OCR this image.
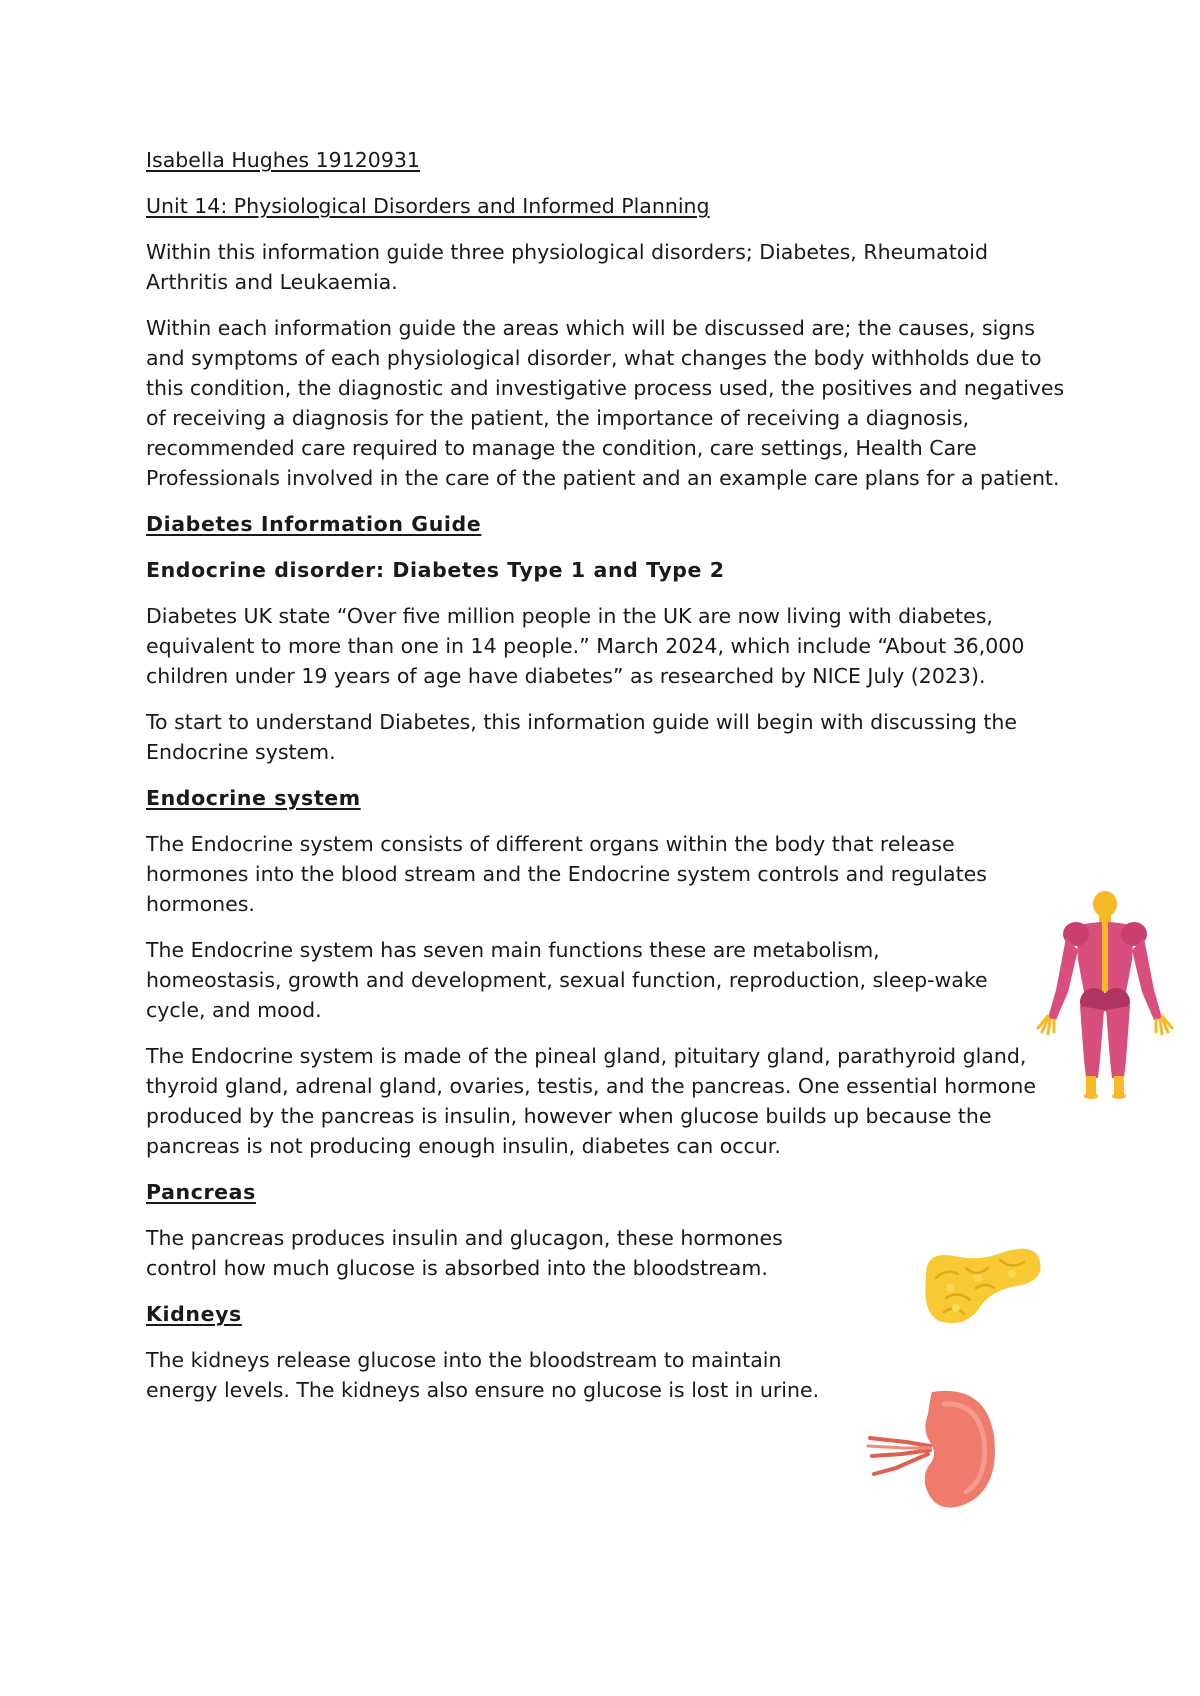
Isabella Hughes 19120931

Unit 14: Physiological Disorders and Informed Planning

Within this information guide three physiological disorders; Diabetes, Rheumatoid Arthritis and Leukaemia.

Within each information guide the areas which will be discussed are; the causes, signs and symptoms of each physiological disorder, what changes the body withholds due to this condition, the diagnostic and investigative process used, the positives and negatives of receiving a diagnosis for the patient, the importance of receiving a diagnosis, recommended care required to manage the condition, care settings, Health Care Professionals involved in the care of the patient and an example care plans for a patient.

Diabetes Information Guide

Endocrine disorder: Diabetes Type 1 and Type 2

Diabetes UK state “Over five million people in the UK are now living with diabetes, equivalent to more than one in 14 people.” March 2024, which include “About 36,000 children under 19 years of age have diabetes” as researched by NICE July (2023).

To start to understand Diabetes, this information guide will begin with discussing the Endocrine system.

Endocrine system

The Endocrine system consists of different organs within the body that release hormones into the blood stream and the Endocrine system controls and regulates hormones.

The Endocrine system has seven main functions these are metabolism, homeostasis, growth and development, sexual function, reproduction, sleep-wake cycle, and mood.

The Endocrine system is made of the pineal gland, pituitary gland, parathyroid gland, thyroid gland, adrenal gland, ovaries, testis, and the pancreas. One essential hormone produced by the pancreas is insulin, however when glucose builds up because the pancreas is not producing enough insulin, diabetes can occur.

Pancreas

The pancreas produces insulin and glucagon, these hormones control how much glucose is absorbed into the bloodstream.

Kidneys

The kidneys release glucose into the bloodstream to maintain energy levels. The kidneys also ensure no glucose is lost in urine.
